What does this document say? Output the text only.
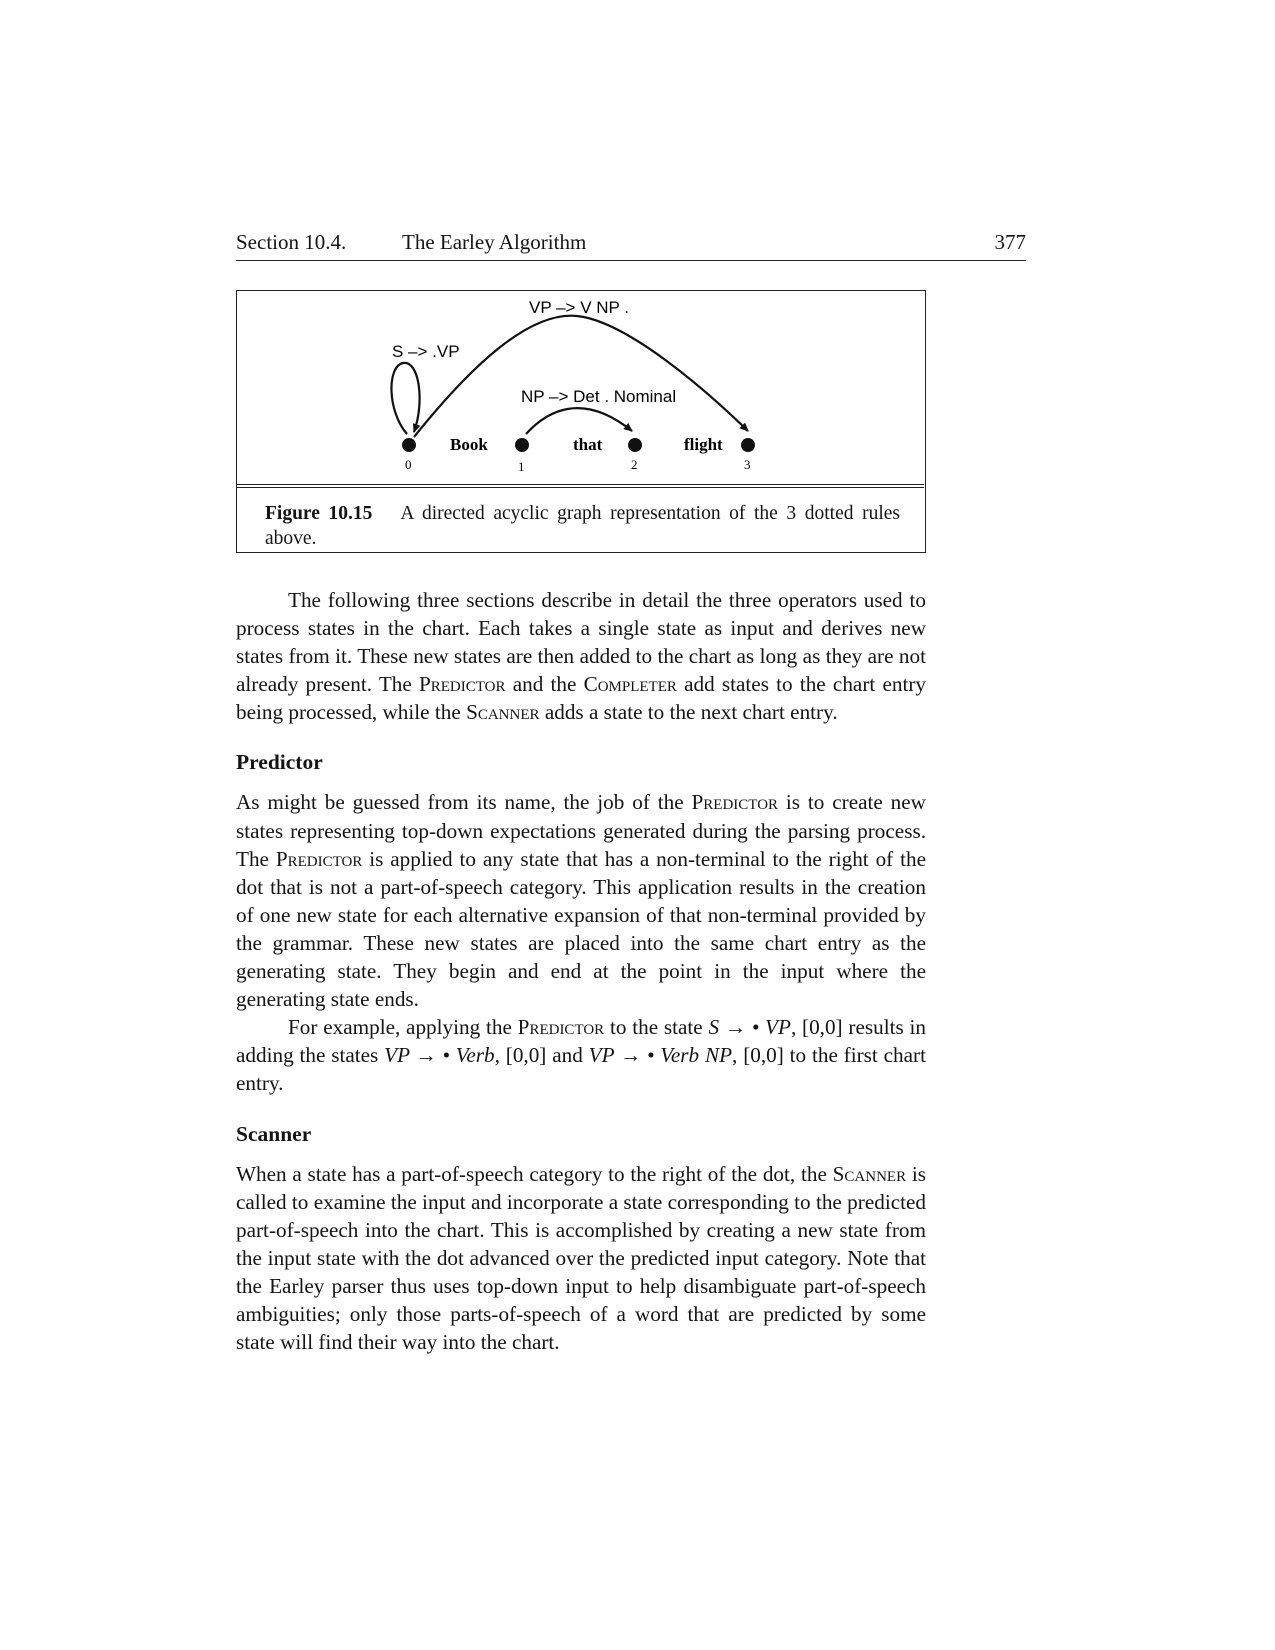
Section 10.4.	The Earley Algorithm	377
VP –> V NP .
S –> .VP
NP –> Det . Nominal
Book	that	flight
0	1	2	3
Figure 10.15 A directed acyclic graph representation of the 3 dotted rules above.

The following three sections describe in detail the three operators used to process states in the chart. Each takes a single state as input and derives new states from it. These new states are then added to the chart as long as they are not already present. The Predictor and the Completer add states to the chart entry being processed, while the Scanner adds a state to the next chart entry.

Predictor

As might be guessed from its name, the job of the Predictor is to create new states representing top-down expectations generated during the parsing process. The Predictor is applied to any state that has a non-terminal to the right of the dot that is not a part-of-speech category. This application results in the creation of one new state for each alternative expansion of that non-terminal provided by the grammar. These new states are placed into the same chart entry as the generating state. They begin and end at the point in the input where the generating state ends.

For example, applying the Predictor to the state S → • VP, [0,0] results in adding the states VP → • Verb, [0,0] and VP → • Verb NP, [0,0] to the first chart entry.

Scanner

When a state has a part-of-speech category to the right of the dot, the Scanner is called to examine the input and incorporate a state corresponding to the predicted part-of-speech into the chart. This is accomplished by creating a new state from the input state with the dot advanced over the predicted input category. Note that the Earley parser thus uses top-down input to help disambiguate part-of-speech ambiguities; only those parts-of-speech of a word that are predicted by some state will find their way into the chart.
